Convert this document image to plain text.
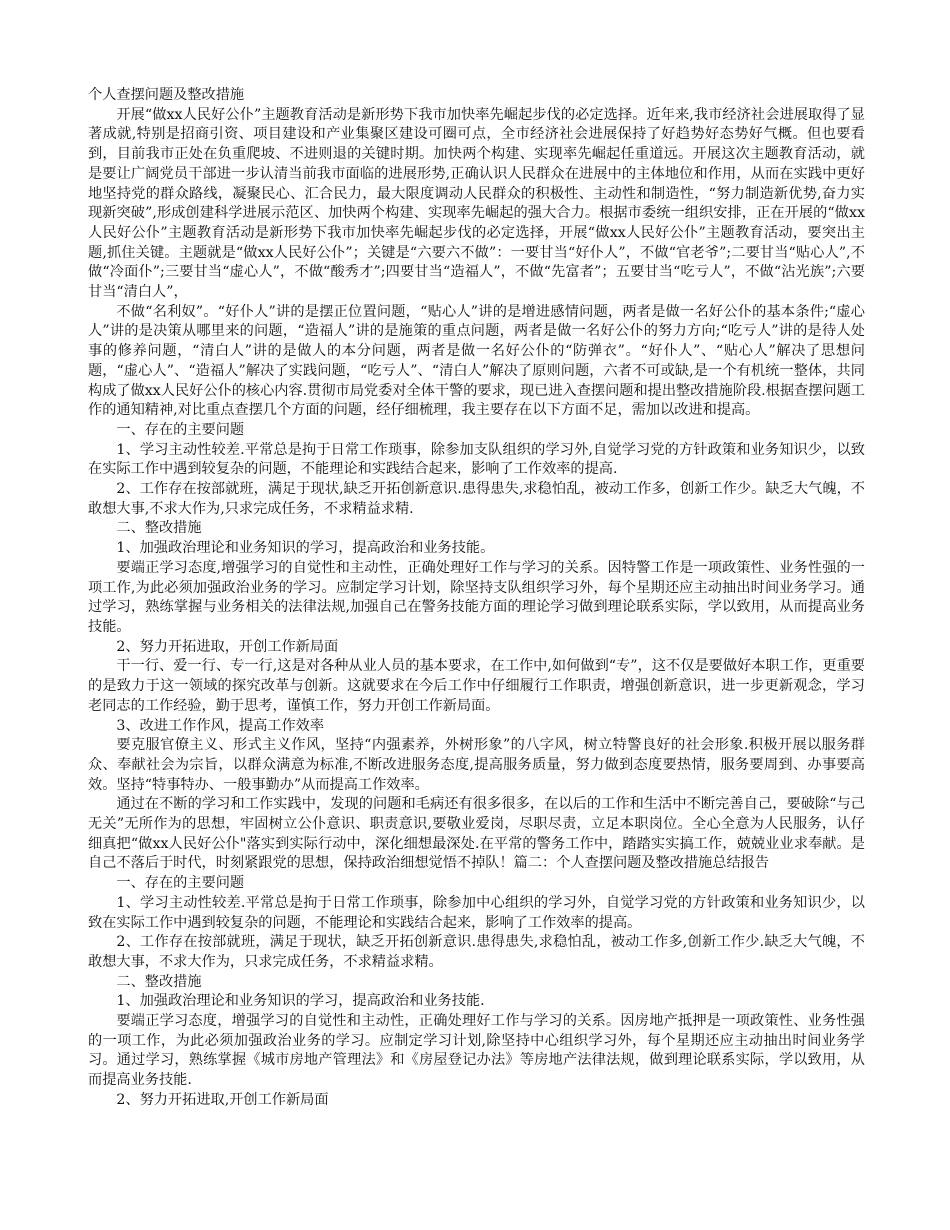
个人查摆问题及整改措施

开展“做xx人民好公仆”主题教育活动是新形势下我市加快率先崛起步伐的必定选择。近年来,我市经济社会进展取得了显著成就,特别是招商引资、项目建设和产业集聚区建设可圈可点，全市经济社会进展保持了好趋势好态势好气概。但也要看到，目前我市正处在负重爬坡、不进则退的关键时期。加快两个构建、实现率先崛起任重道远。开展这次主题教育活动，就是要让广阔党员干部进一步认清当前我市面临的进展形势,正确认识人民群众在进展中的主体地位和作用，从而在实践中更好地坚持党的群众路线，凝聚民心、汇合民力，最大限度调动人民群众的积极性、主动性和制造性，“努力制造新优势,奋力实现新突破”,形成创建科学进展示范区、加快两个构建、实现率先崛起的强大合力。根据市委统一组织安排，正在开展的“做xx人民好公仆”主题教育活动是新形势下我市加快率先崛起步伐的必定选择，开展“做xx人民好公仆”主题教育活动，要突出主题,抓住关键。主题就是“做xx人民好公仆”；关键是“六要六不做”：一要甘当“好仆人”，不做“官老爷”;二要甘当“贴心人”,不做“冷面仆”;三要甘当“虚心人”，不做“酸秀才”;四要甘当“造福人”，不做“先富者”；五要甘当“吃亏人”，不做“沾光族”;六要甘当“清白人”，

不做“名利奴”。“好仆人”讲的是摆正位置问题，“贴心人”讲的是增进感情问题，两者是做一名好公仆的基本条件;“虚心人”讲的是决策从哪里来的问题，“造福人”讲的是施策的重点问题，两者是做一名好公仆的努力方向;“吃亏人”讲的是待人处事的修养问题，“清白人”讲的是做人的本分问题，两者是做一名好公仆的“防弹衣”。“好仆人”、“贴心人”解决了思想问题，“虚心人”、“造福人”解决了实践问题，“吃亏人”、“清白人”解决了原则问题，六者不可或缺,是一个有机统一整体，共同构成了做xx人民好公仆的核心内容.贯彻市局党委对全体干警的要求，现已进入查摆问题和提出整改措施阶段.根据查摆问题工作的通知精神,对比重点查摆几个方面的问题，经仔细梳理，我主要存在以下方面不足，需加以改进和提高。

一、存在的主要问题

1、学习主动性较差.平常总是拘于日常工作琐事，除参加支队组织的学习外,自觉学习党的方针政策和业务知识少，以致在实际工作中遇到较复杂的问题，不能理论和实践结合起来，影响了工作效率的提高.

2、工作存在按部就班，满足于现状,缺乏开拓创新意识.患得患失,求稳怕乱，被动工作多，创新工作少。缺乏大气魄，不敢想大事,不求大作为,只求完成任务，不求精益求精.

二、整改措施

1、加强政治理论和业务知识的学习，提高政治和业务技能。

要端正学习态度,增强学习的自觉性和主动性，正确处理好工作与学习的关系。因特警工作是一项政策性、业务性强的一项工作,为此必须加强政治业务的学习。应制定学习计划，除坚持支队组织学习外，每个星期还应主动抽出时间业务学习。通过学习，熟练掌握与业务相关的法律法规,加强自己在警务技能方面的理论学习做到理论联系实际，学以致用，从而提高业务技能。

2、努力开拓进取，开创工作新局面

干一行、爱一行、专一行,这是对各种从业人员的基本要求，在工作中,如何做到“专”，这不仅是要做好本职工作，更重要的是致力于这一领域的探究改革与创新。这就要求在今后工作中仔细履行工作职责，增强创新意识，进一步更新观念，学习老同志的工作经验，勤于思考，谨慎工作，努力开创工作新局面。

3、改进工作作风，提高工作效率

要克服官僚主义、形式主义作风，坚持“内强素养，外树形象”的八字风，树立特警良好的社会形象.积极开展以服务群众、奉献社会为宗旨，以群众满意为标准,不断改进服务态度,提高服务质量，努力做到态度要热情，服务要周到、办事要高效。坚持“特事特办、一般事勤办”从而提高工作效率。

通过在不断的学习和工作实践中，发现的问题和毛病还有很多很多，在以后的工作和生活中不断完善自己，要破除“与己无关”无所作为的思想，牢固树立公仆意识、职责意识,要敬业爱岗，尽职尽责，立足本职岗位。全心全意为人民服务，认仔细真把“做xx人民好公仆"落实到实际行动中，深化细想最深处.在平常的警务工作中，踏踏实实搞工作，兢兢业业求奉献。是自己不落后于时代，时刻紧跟党的思想，保持政治细想觉悟不掉队！篇二：个人查摆问题及整改措施总结报告

一、存在的主要问题

1、学习主动性较差.平常总是拘于日常工作琐事，除参加中心组织的学习外，自觉学习党的方针政策和业务知识少，以致在实际工作中遇到较复杂的问题，不能理论和实践结合起来，影响了工作效率的提高。

2、工作存在按部就班，满足于现状，缺乏开拓创新意识.患得患失,求稳怕乱，被动工作多,创新工作少.缺乏大气魄，不敢想大事，不求大作为，只求完成任务，不求精益求精。

二、整改措施

1、加强政治理论和业务知识的学习，提高政治和业务技能.

要端正学习态度，增强学习的自觉性和主动性，正确处理好工作与学习的关系。因房地产抵押是一项政策性、业务性强的一项工作，为此必须加强政治业务的学习。应制定学习计划,除坚持中心组织学习外，每个星期还应主动抽出时间业务学习。通过学习，熟练掌握《城市房地产管理法》和《房屋登记办法》等房地产法律法规，做到理论联系实际，学以致用，从而提高业务技能.

2、努力开拓进取,开创工作新局面
